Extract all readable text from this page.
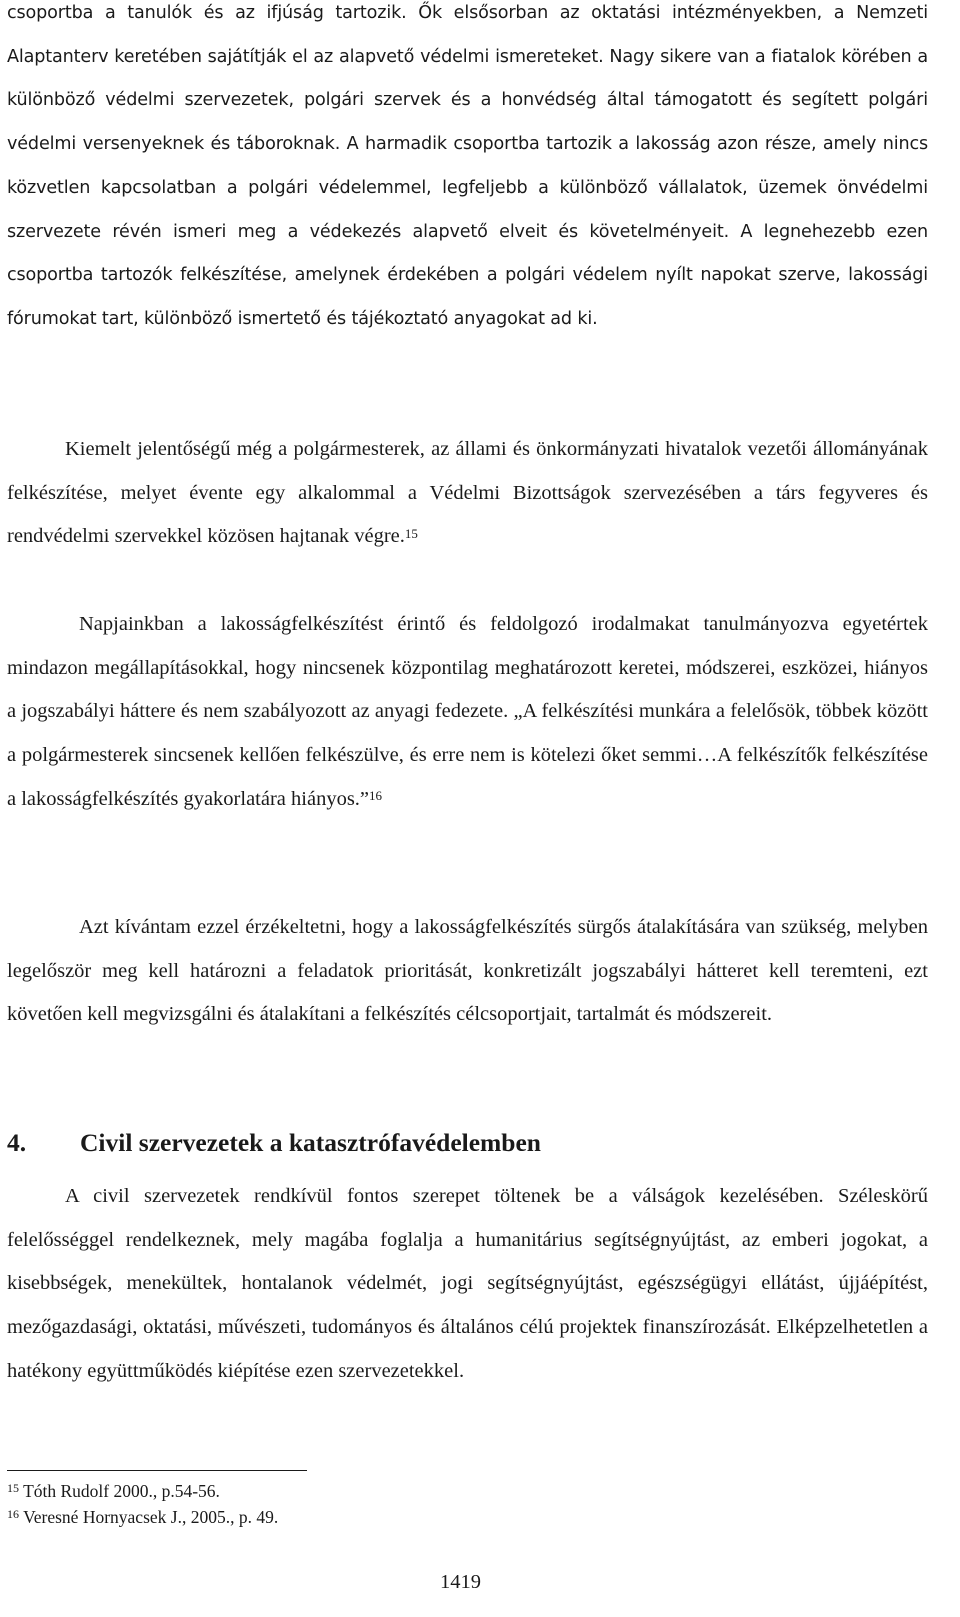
csoportba a tanulók és az ifjúság tartozik. Ők elsősorban az oktatási intézményekben, a Nemzeti Alaptanterv keretében sajátítják el az alapvető védelmi ismereteket. Nagy sikere van a fiatalok körében a különböző védelmi szervezetek, polgári szervek és a honvédség által támogatott és segített polgári védelmi versenyeknek és táboroknak. A harmadik csoportba tartozik a lakosság azon része, amely nincs közvetlen kapcsolatban a polgári védelemmel, legfeljebb a különböző vállalatok, üzemek önvédelmi szervezete révén ismeri meg a védekezés alapvető elveit és követelményeit. A legnehezebb ezen csoportba tartozók felkészítése, amelynek érdekében a polgári védelem nyílt napokat szerve, lakossági fórumokat tart, különböző ismertető és tájékoztató anyagokat ad ki.

Kiemelt jelentőségű még a polgármesterek, az állami és önkormányzati hivatalok vezetői állományának felkészítése, melyet évente egy alkalommal a Védelmi Bizottságok szervezésében a társ fegyveres és rendvédelmi szervekkel közösen hajtanak végre.$^{15}$

Napjainkban a lakosságfelkészítést érintő és feldolgozó irodalmakat tanulmányozva egyetértek mindazon megállapításokkal, hogy nincsenek központilag meghatározott keretei, módszerei, eszközei, hiányos a jogszabályi háttere és nem szabályozott az anyagi fedezete. „A felkészítési munkára a felelősök, többek között a polgármesterek sincsenek kellően felkészülve, és erre nem is kötelezi őket semmi…A felkészítők felkészítése a lakosságfelkészítés gyakorlatára hiányos.”$^{16}$

Azt kívántam ezzel érzékeltetni, hogy a lakosságfelkészítés sürgős átalakítására van szükség, melyben legelőször meg kell határozni a feladatok prioritását, konkretizált jogszabályi hátteret kell teremteni, ezt követően kell megvizsgálni és átalakítani a felkészítés célcsoportjait, tartalmát és módszereit.

4. Civil szervezetek a katasztrófavédelemben

A civil szervezetek rendkívül fontos szerepet töltenek be a válságok kezelésében. Széleskörű felelősséggel rendelkeznek, mely magába foglalja a humanitárius segítségnyújtást, az emberi jogokat, a kisebbségek, menekültek, hontalanok védelmét, jogi segítségnyújtást, egészségügyi ellátást, újjáépítést, mezőgazdasági, oktatási, művészeti, tudományos és általános célú projektek finanszírozását. Elképzelhetetlen a hatékony együttműködés kiépítése ezen szervezetekkel.

$^{15}$ Tóth Rudolf 2000., p.54-56.

$^{16}$ Veresné Hornyacsek J., 2005., p. 49.

1419
